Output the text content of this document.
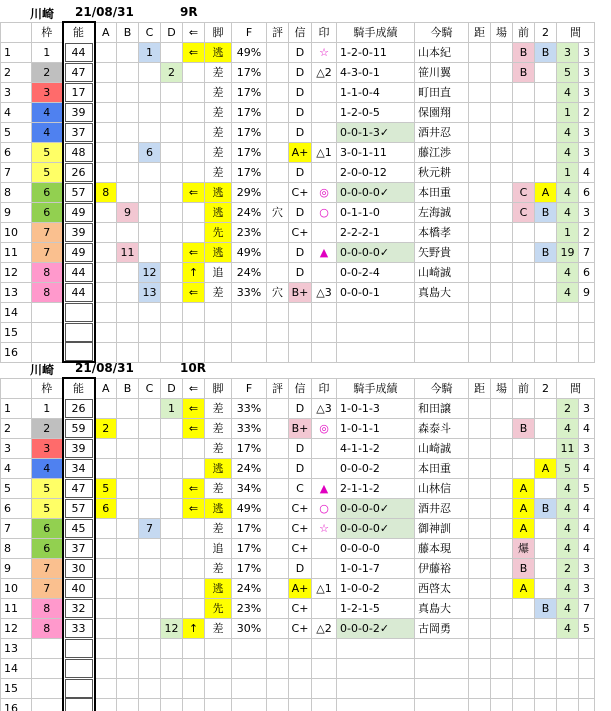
川崎 21/08/31	9R
	枠	能	A	B	C	D	⇐	脚	F	評	信	印	騎手成績	今騎	距	場	前	2	間	
1	1	44			1		⇐	逃	49%		D	☆	1-2-0-11	山本紀			B	B	3	3
2	2	47				2		差	17%		D	△2	4-3-0-1	笹川翼			B		5	3
3	3	17						差	17%		D		1-1-0-4	町田直					4	3
4	4	39						差	17%		D		1-2-0-5	保園翔					1	2
5	4	37						差	17%		D		0-0-1-3✓	酒井忍					4	3
6	5	48			6			差	17%		A+	△1	3-0-1-11	藤江渉					4	3
7	5	26						差	17%		D		2-0-0-12	秋元耕					1	4
8	6	57	8				⇐	逃	29%		C+	◎	0-0-0-0✓	本田重			C	A	4	6
9	6	49		9				逃	24%	穴	D	○	0-1-1-0	左海誠			C	B	4	3
10	7	39						先	23%		C+		2-2-2-1	本橋孝					1	2
11	7	49		11			⇐	逃	49%		D	▲	0-0-0-0✓	矢野貴				B	19	7
12	8	44			12		↑	追	24%		D		0-0-2-4	山崎誠					4	6
13	8	44			13		⇐	差	33%	穴	B+	△3	0-0-0-1	真島大					4	9
14		

15		

16		

川崎 21/08/31	10R
	枠	能	A	B	C	D	⇐	脚	F	評	信	印	騎手成績	今騎	距	場	前	2	間	
1	1	26				1	⇐	差	33%		D	△3	1-0-1-3	和田譲					2	3
2	2	59	2				⇐	差	33%		B+	◎	1-0-1-1	森泰斗			B		4	4
3	3	39						差	17%		D		4-1-1-2	山崎誠					11	3
4	4	34						逃	24%		D		0-0-0-2	本田重				A	5	4
5	5	47	5				⇐	差	34%		C	▲	2-1-1-2	山林信			A		4	5
6	5	57	6				⇐	逃	49%		C+	○	0-0-0-0✓	酒井忍			A	B	4	4
7	6	45			7			差	17%		C+	☆	0-0-0-0✓	御神訓			A		4	4
8	6	37						追	17%		C+		0-0-0-0	藤本現			爆		4	4
9	7	30						差	17%		D		1-0-1-7	伊藤裕			B		2	3
10	7	40						逃	24%		A+	△1	1-0-0-2	西啓太			A		4	3
11	8	32						先	23%		C+		1-2-1-5	真島大				B	4	7
12	8	33				12	↑	差	30%		C+	△2	0-0-0-2✓	古岡勇					4	5
13		

14		

15		

16		
